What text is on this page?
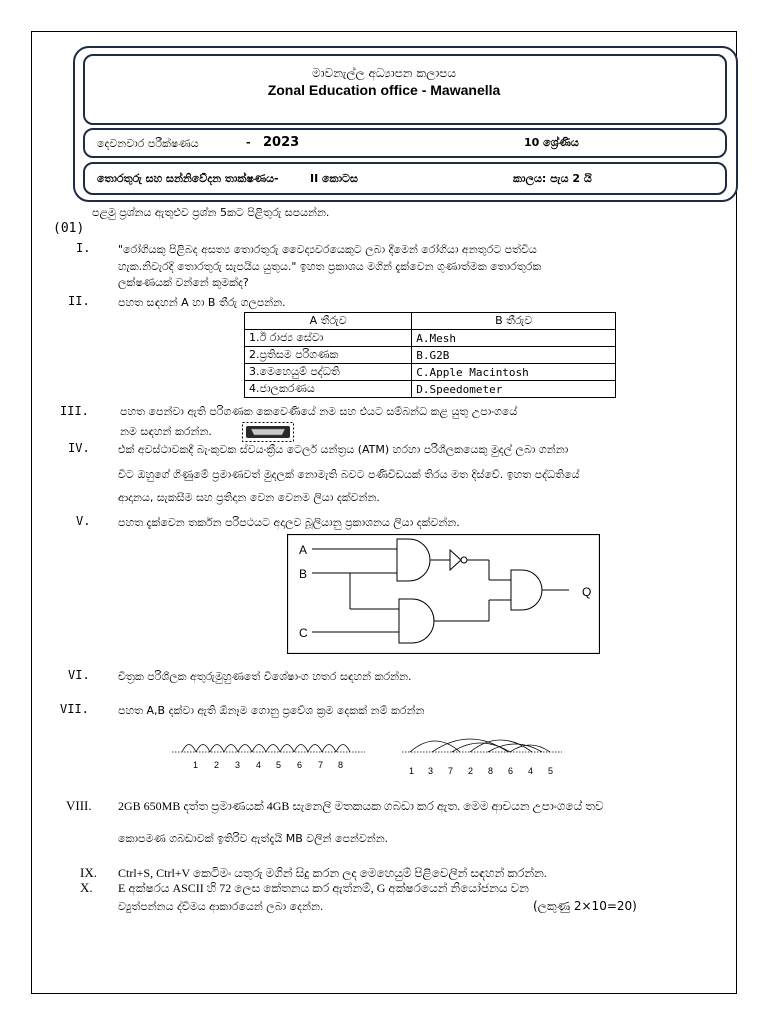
මාවනැල්ල අධ්‍යාපන කලාපය
Zonal Education office - Mawanella
දෙවනවාර පරීක්ෂණය	- 2023	10 ශ්‍රේණිය
තොරතුරු සහ සන්නිවේදන තාක්ෂණය-	II කොටස	කාලය: පැය 2 යි
පළමු ප්‍රශ්නය ඇතුළුව ප්‍රශ්න 5කට පිළිතුරු සපයන්න.
(01)
I.	"රෝගියකු පිළිබද අසත්‍ය තොරතුරු වෛද්‍යවරයෙකුට ලබා දීමෙන් රෝගියා අනතුරට පත්විය
හැක.නිවැරදි තොරතුරු සැපයිය යුතුය." ඉහත ප්‍රකාශය මගින් දැක්වෙන ගුණාත්මක තොරතුරක
ලක්ෂණයක් වන්නේ කුමක්ද?
II.	පහත සඳහන් A හා B තීරු ගලපන්න.
A තීරුව	B තීරුව
1.ඊ රාජ්‍ය සේවා	A.Mesh
2.ප්‍රතිසම පරිගණක	B.G2B
3.මෙහෙයුම් පද්ධති	C.Apple Macintosh
4.ජාලකරණය	D.Speedometer
III.	පහත පෙන්වා ඇති පරිගණක කෙවෙණියේ නම සහ එයට සම්බන්ධ කළ යුතු උපාංගයේ
නම සඳහන් කරන්න.
IV.	එක් අවස්ථාවකදී බැංකුවක ස්වයංක්‍රීය ටෙලර් යන්ත්‍රය (ATM) හරහා පරිශීලකයෙකු මුදල් ලබා ගන්නා
විට ඔහුගේ ගිණුමේ ප්‍රමාණවත් මුදලක් නොමැති බවට පණිවිඩයක් තිරය මත දිස්වේ. ඉහත පද්ධතියේ
ආදානය, සැකසීම සහ ප්‍රතිදාන වෙන වෙනම ලියා දක්වන්න.
V.	පහත දැක්වෙන තර්කන පරිපථයට අදාලව බූලියානු ප්‍රකාශනය ලියා දක්වන්න.
A
B
C
Q
VI.	චිත්‍රක පරිශීලක අතුරුමුහුණතේ විශේෂාංග හතර සඳහන් කරන්න.
VII.	පහත A,B දක්වා ඇති ඕනෑම ගොනු ප්‍රවේශ ක්‍රම දෙකක් නම් කරන්න
1 2 3 4 5 6 7 8
1 3 7 2 8 6 4 5
VIII. 2GB 650MB දත්ත ප්‍රමාණයක් 4GB සැනෙලි මතකයක ගබඩා කර ඇත. මෙම ආචයන උපාංගයේ තව
කොපමණ ගබඩාවක් ඉතිරිව ඇත්දැයි MB වලින් පෙන්වන්න.
IX. Ctrl+S, Ctrl+V කෙටිමං යතුරු මගින් සිදු කරන ලද මෙහෙයුම් පිළිවෙලින් සඳහන් කරන්න.
X. E අක්ෂරය ASCII හි 72 ලෙස කේතනය කර ඇත්නම්, G අක්ෂරයෙන් නියෝජනය වන
ව්‍යුත්පන්නය ද්විමය ආකාරයෙන් ලබා දෙන්න.	(ලකුණු 2×10=20)
